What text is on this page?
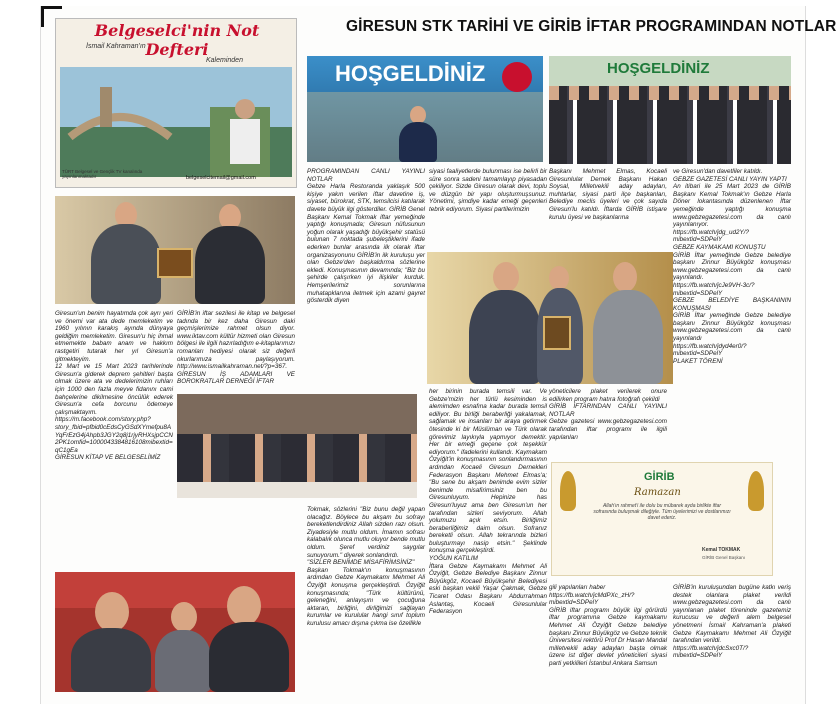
Belgeselci'nin Not Defteri
İsmail Kahraman'ın
Kaleminden
TÜRT Belgesel ve Gençlik TV kanalında yayınlanmaktadır	belgeselcitemail@gmail.com
GİRESUN STK TARİHİ VE GİRİB İFTAR PROGRAMINDAN NOTLAR
HOŞGELDİNİZ	HOŞGELDİNİZ
Giresun'un benim hayatımda çok ayrı yeri ve önemi var ata dede memleketim ve 1960 yılının karakış ayında dünyaya geldiğim memleketim. Giresun'u hiç ihmal etmemekte babam anam ve hakkım rastgetiri tutarak her yıl Giresun'a gitmekteyim.
12 Mart ve 15 Mart 2023 tarihlerinde Giresun'a giderek deprem şehitleri başta olmak üzere ata ve dedelerimizin ruhları için 1000 den fazla meyve fidanını cami bahçelerine dikilmesine öncülük ederek Giresun'a cefa borcunu ödemeye çalışmaktayım.
https://m.facebook.com/story.php?story_fbid=pfbid0cEdsCyGSdXYmefpu8AYqFrEzG4jAhpb3JGY2q8j1rjyRHXsjpCCN2PK1omfid=1000043384816108mibextid=qC1gEa
GİRESUN KİTAP VE BELGESELİMİZ
GİRİB'in iftar sezilesi ile kitap ve belgesel tadında bir kez daha Giresun daki geçmişlerimize rahmet olsun diyor. www.iktav.com kültür hizmeti olan Giresun bölgesi ile ilgili hazırladığım e-kitaplarımızı romanları hediyesi olarak siz değerli okurlarımıza paylaşıyorum. http://www.ismailkahraman.net/?p=367.
GİRESUN İŞ ADAMLARI VE BOROKRATLAR DERNEĞİ İFTAR
PROGRAMINDAN CANLI YAYINLI NOTLAR
Gebze Harla Restoranda yaklaşık 500 kişiye yakın verilen iftar davetine iş, siyaset, bürokrat, STK, temsilcisi katılarak davete büyük ilgi gösterdiler. GİRİB Genel Başkanı Kemal Tokmak iftar yemeğinde yaptığı konuşmada; Giresun nüfusunun yoğun olarak yaşadığı büyükşehir statüsü bulunan 7 noktada şubeleştiklerini ifade ederken bunlar arasında ilk olarak iftar organizasyonunu GİRİB'in ilk kuruluşu yer olan Gebze'den başkaldırma sözlerine ekledi. Konuşmasının devamında; "Biz bu şehirde çalışırken iyi ilişkiler kurduk. Hemşerilerimiz sorunlarına muhatapklarına iletmek için azami gayret gösterdik diyen
Tokmak, sözlerini "Biz bunu değil yapan olacağız. Böylece bu akşam bu sofrayı bereketlendirdiniz Allah sizden razı olsun. Ziyadesiyle mutlu oldum. İmamın sofrası kalabalık olunca mutlu oluyor bende mutlu oldum. Şeref verdiniz saygılar sunuyorum." diyerek sonlandırdı.
"SİZLER BENİMDE MİSAFİRİMSİNİZ"
Başkan Tokmak'ın konuşmasının ardından Gebze Kaymakamı Mehmet Ali Özyiğit konuşma gerçekleştirdi. Özyiğit konuşmasında; "Türk kültürünü, geleneğini, anlayışını ve çocuğuna aktaran, birliğini, dirliğimizi sağlayan kurumlar ve kurulular hangi sınıf toplum kurulusu amacı dışına çıkma ise özellikle
siyasi faaliyetlerde bulunması ise belirli bir süre sonra sadeni tamamlayıp piyasadan çekiliyor. Sizde Giresun olarak devi, toplu ve düzgün bir yapı oluşturmuşsunuz. Yönetimi, şimdiye kadar emeği geçenleri tebrik ediyorum. Siyasi partilerimizin
her birinin burada temsili var. Ve Gebze'mizin her türlü kesiminden is alemimden esnafına kadar burada temsil ediliyor. Bu birliği beraberliği yakalamak, sağlamak ve insanları bir araya getirmek ötesinde ki bir Müslüman ve Türk olarak görevimiz layıkıyla yapmıyor demektir. Her bir emeği geçene çok teşekkür ediyorum." ifadelerini kullandı. Kaymakam Özyiğit'in konuşmasının sonlandırmasının ardından Kocaeli Giresun Dernekleri Federasyon Başkanı Mehmet Elmas'a; "Bu sene bu akşam benimde evim sizler benimde misafirimsiniz ben bu Giresunluyum. Hepinize has Giresun'luyuz ama ben Giresun'un her tarafından sizleri seviyorum. Allah yolumuzu açık etsin. Birliğimiz beraberliğimiz daim olsun. Sofranız bereketli olsun. Allah tekrarında bizleri buluşturmayı nasip etsin." Şeklinde konuşma gerçekleştirdi.
YOĞUN KATILIM
İftara Gebze Kaymakamı Mehmet Ali Özyiğit, Gebze Belediye Başkanı Zinnur Büyükgöz, Kocaeli Büyükşehir Belediyesi eski başkan vekili Yaşar Çakmak, Gebze Ticaret Odası Başkanı Abdurrahman Aslantaş, Kocaeli Giresunlular Federasyon
Başkanı Mehmet Elmas, Kocaeli Giresunlular Dernek Başkanı Hakan Soysal, Milletvekili aday adayları, muhtarlar, siyasi parti ilçe başkanları, Belediye meclis üyeleri ve çok sayıda Giresun'lu katıldı. İftarda GİRİB istişare kurulu üyesi ve başkanlarına
yöneticilere plaket verilerek onure edilirken program hatıra fotoğrafı çekildi
GİRİB İFTARINDAN CANLI YAYINLI NOTLAR
Gebze gazetesi www.gebzegazetesi.com tarafından iftar programı ile ilgili yapılanları
GİRİB
Ramazan
Allah'ın rahmet'i ile dolu bu mübarek ayda birlikte iftar sofrasında buluşmak dileğiyle. Tüm üyelerimizi ve dostlarımızı davet ederiz.
Kemal TOKMAK
GİRİB Genel Başkanı
gili yapılanları haber
https://fb.watch/jcMdPXc_zH/?mibextid=SDPelY
GİRİB iftar programı büyük ilgi görürdü iftar programına Gebze kaymakamı Mehmet Ali Özyiğit Gebze belediye başkanı Zinnur Büyükgöz ve Gebze teknik Üniversitesi rektörü Prof Dr Hasan Mandal milletvekili aday adayları başta olmak üzere ist diğer devlet yöneticileri siyasi parti yetkilileri İstanbul Ankara Samsun
ve Giresun'dan davetliler katıldı.
GEBZE GAZETESİ CANLI YAYIN YAPTI
An itibari ile 25 Mart 2023 de GİRİB Başkanı Kemal Tokmak'ın Gebze Harla Döner lokantasında düzenlenen İftar yemeğinde yaptığı konuşma www.gebzegazetesi.com da canlı yayınlanıyor.
https://fb.watch/jdg_ud2Y/?mibextid=SDPelY
GEBZE KAYMAKAMI KONUŞTU
GİRİB İftar yemeğinde Gebze belediye başkanı Zinnur Büyükgöz konuşması www.gebzegazetesi.com da canlı yayınlandı.
https://fb.watch/jcJe9VH-3c/?mibextid=SDPelY
GEBZE BELEDİYE BAŞKANININ KONUŞMASI
GİRİB İftar yemeğinde Gebze belediye başkanı Zinnur Büyükgöz konuşması www.gebzegazetesi.com da canlı yayınlandı
https://fb.watch/jdyd4er0/?mibextid=SDPelY
PLAKET TÖRENİ
GİRİB'in kuruluşundan bugüne katkı veriş destek olanlara plaket verildi www.gebzegazetesi.com da canlı yayınlanan plaket töreninde gazetemiz kurucusu ve değerli alem belgesel yönetmeni İsmail Kahraman'a plaketi Gebze Kaymakamı Mehmet Ali Özyiğit tarafından verildi.
https://fb.watch/jdcSxc0T/?mibextid=SDPelY
